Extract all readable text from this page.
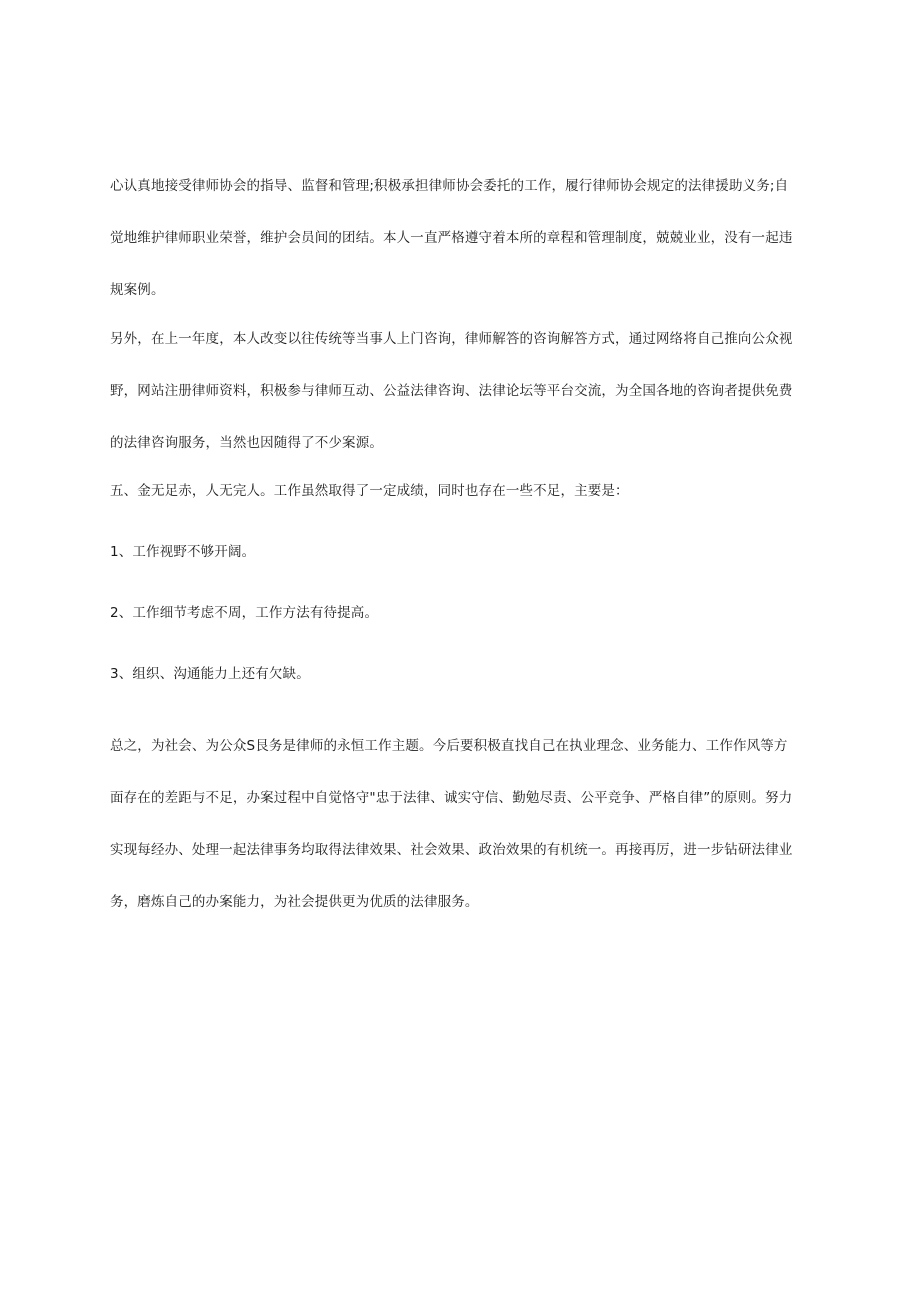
心认真地接受律师协会的指导、监督和管理;积极承担律师协会委托的工作，履行律师协会规定的法律援助义务;自
觉地维护律师职业荣誉，维护会员间的团结。本人一直严格遵守着本所的章程和管理制度，兢兢业业，没有一起违
规案例。

另外，在上一年度，本人改变以往传统等当事人上门咨询，律师解答的咨询解答方式，通过网络将自己推向公众视
野，网站注册律师资料，积极参与律师互动、公益法律咨询、法律论坛等平台交流，为全国各地的咨询者提供免费
的法律咨询服务，当然也因随得了不少案源。

五、金无足赤，人无完人。工作虽然取得了一定成绩，同时也存在一些不足，主要是：

1、工作视野不够开阔。

2、工作细节考虑不周，工作方法有待提高。

3、组织、沟通能力上还有欠缺。

总之，为社会、为公众S艮务是律师的永恒工作主题。今后要积极直找自己在执业理念、业务能力、工作作风等方
面存在的差距与不足，办案过程中自觉恪守"忠于法律、诚实守信、勤勉尽责、公平竞争、严格自律”的原则。努力
实现每经办、处理一起法律事务均取得法律效果、社会效果、政治效果的有机统一。再接再厉，进一步钻研法律业
务，磨炼自己的办案能力，为社会提供更为优质的法律服务。
